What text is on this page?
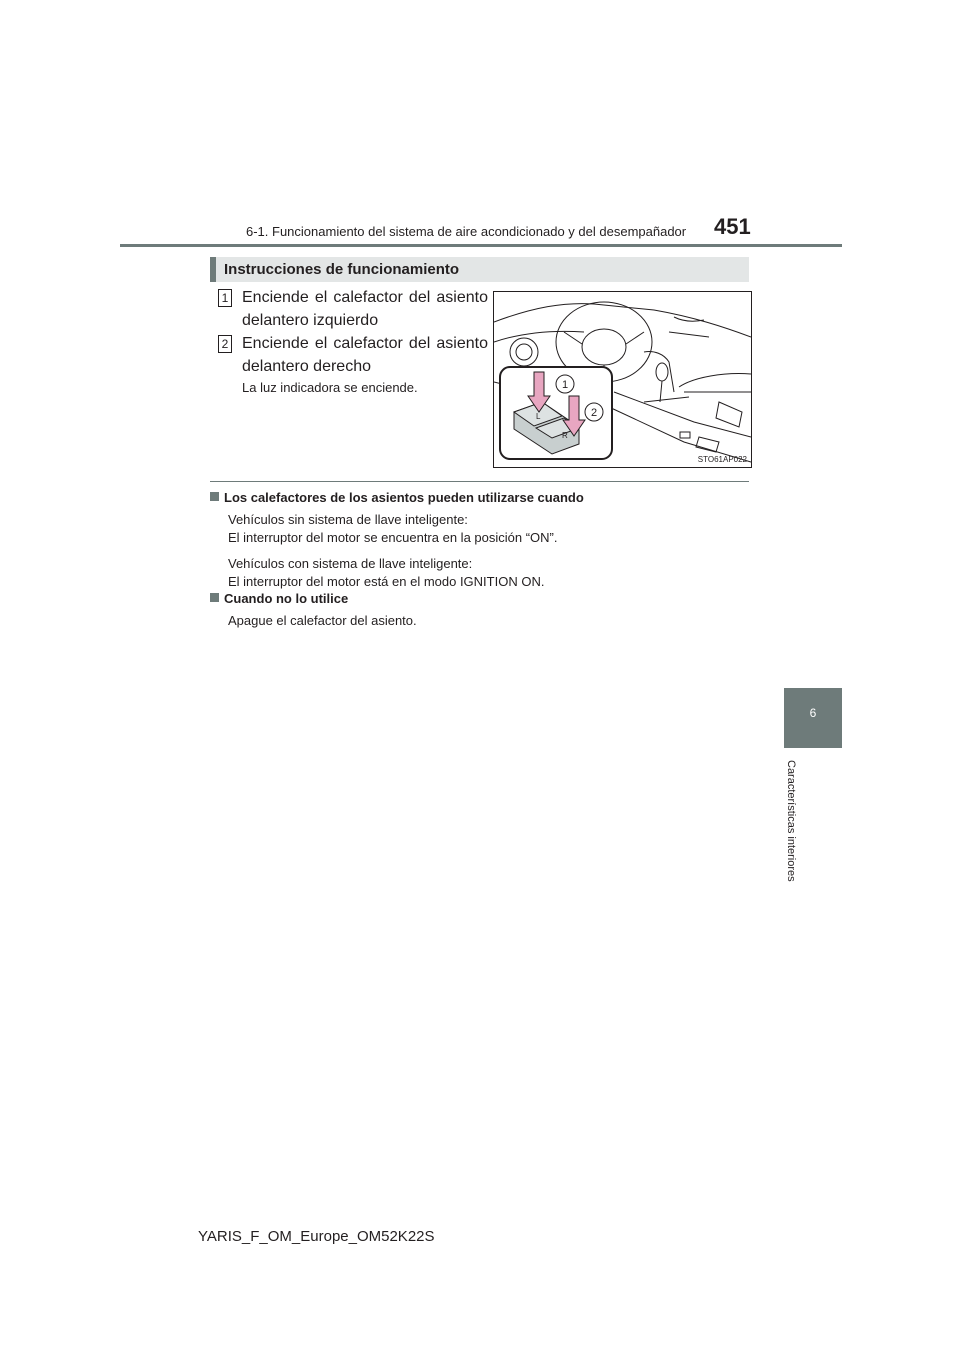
6-1. Funcionamiento del sistema de aire acondicionado y del desempañador 451
Instrucciones de funcionamiento
1 Enciende el calefactor del asiento delantero izquierdo
2 Enciende el calefactor del asiento delantero derecho
La luz indicadora se enciende.
L
R
1
2
STO61AP022
Los calefactores de los asientos pueden utilizarse cuando
Vehículos sin sistema de llave inteligente:
El interruptor del motor se encuentra en la posición “ON”.
Vehículos con sistema de llave inteligente:
El interruptor del motor está en el modo IGNITION ON.
Cuando no lo utilice
Apague el calefactor del asiento.
6
Características interiores
YARIS_F_OM_Europe_OM52K22S
